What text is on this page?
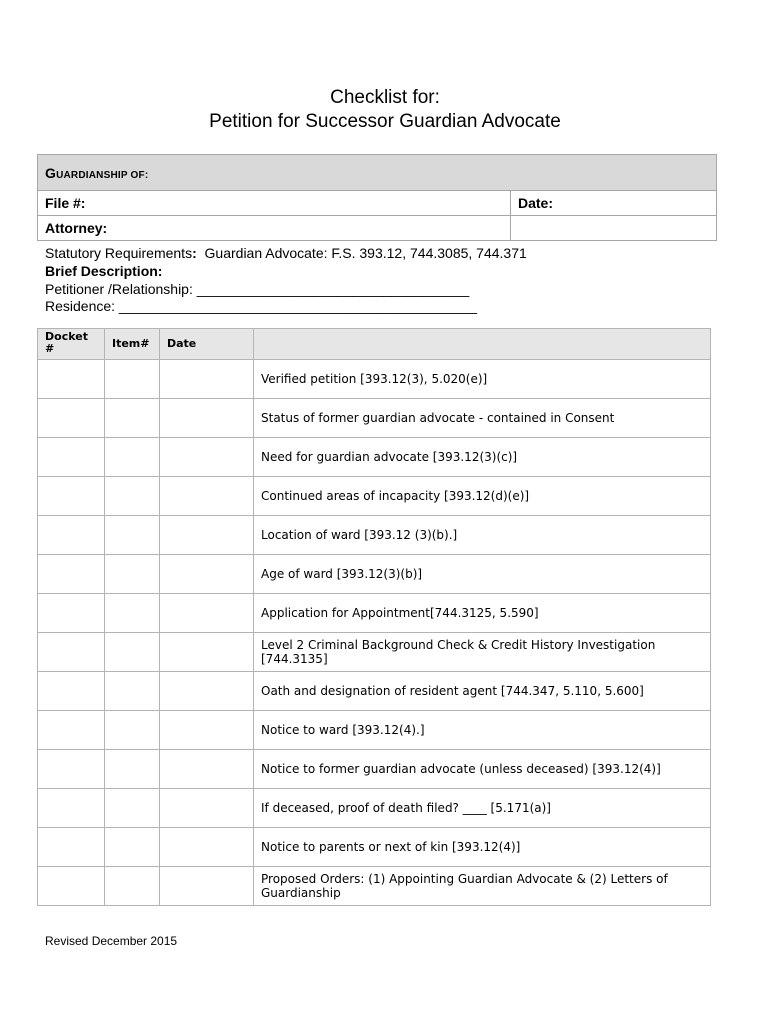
Checklist for:
Petition for Successor Guardian Advocate
GUARDIANSHIP OF:	
File #:	Date:
Attorney:	
Statutory Requirements:  Guardian Advocate: F.S. 393.12, 744.3085, 744.371
Brief Description:
Petitioner /Relationship: ___________________________________
Residence: ______________________________________________
Docket #	Item#	Date	
			Verified petition [393.12(3), 5.020(e)]
			Status of former guardian advocate - contained in Consent
			Need for guardian advocate [393.12(3)(c)]
			Continued areas of incapacity [393.12(d)(e)]
			Location of ward [393.12 (3)(b).]
			Age of ward [393.12(3)(b)]
			Application for Appointment[744.3125, 5.590]
			Level 2 Criminal Background Check & Credit History Investigation [744.3135]
			Oath and designation of resident agent [744.347, 5.110, 5.600]
			Notice to ward [393.12(4).]
			Notice to former guardian advocate (unless deceased) [393.12(4)]
			If deceased, proof of death filed? ____ [5.171(a)]
			Notice to parents or next of kin [393.12(4)]
			Proposed Orders: (1) Appointing Guardian Advocate & (2) Letters of Guardianship
Revised December 2015
